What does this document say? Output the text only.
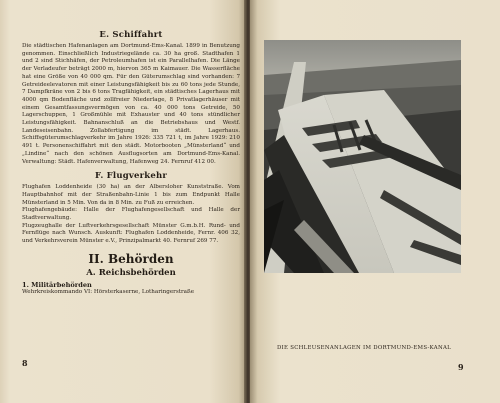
E. Schiffahrt

Die städtischen Hafenanlagen am Dortmund-Ems-Kanal. 1899 in Benutzung genommen. Einschließlich Industriegelände ca. 30 ha groß. Stadthafen 1 und 2 sind Stichhäfen, der Petroleumhafen ist ein Parallelhafen. Die Länge der Verladeufer beträgt 2000 m, hiervon 365 m Kaimauer. Die Wasserfläche hat eine Größe von 40 000 qm. Für den Güterumschlag sind vorhanden: 7 Getreideelevatoren mit einer Leistungsfähigkeit bis zu 60 tons jede Stunde, 7 Dampfkräne von 2 bis 6 tons Tragfähigkeit, ein städtisches Lagerhaus mit 4000 qm Bodenfläche und zollfreier Niederlage, 8 Privatlagerhäuser mit einem Gesamtfassungsvermögen von ca. 40 000 tons Getreide, 50 Lagerschuppen, 1 Großmühle mit Exhauster und 40 tons stündlicher Leistungsfähigkeit. Bahnanschluß an die Betriebshaus und Westf. Landeseisenbahn. Zollabfertigung im städt. Lagerhaus. Schiffsgüterumschlagverkehr im Jahre 1926: 335 721 t, im Jahre 1929: 210 491 t. Personenschiffahrt mit den städt. Motorbooten „Münsterland“ und „Lindine“ nach den schönen Ausflugsorten am Dortmund-Ems-Kanal. Verwaltung: Städt. Hafenverwaltung, Hafenweg 24. Fernruf 412 00.

F. Flugverkehr

Flughafen Loddenheide (30 ha) an der Albersloher Kunststraße. Vom Hauptbahnhof mit der Straßenbahn-Linie 1 bis zum Endpunkt Halle Münsterland in 5 Min. Von da in 8 Min. zu Fuß zu erreichen.

Flughafengebäude: Halle der Flughafengesellschaft und Halle der Stadtverwaltung.

Flugzeughalle der Luftverkehrsgesellschaft Münster G.m.b.H. Rund- und Fernflüge nach Wunsch. Auskunft: Flughafen Loddenheide, Fernr. 406 32, und Verkehrsverein Münster e.V., Prinzipalmarkt 40. Fernruf 269 77.

II. Behörden
A. Reichsbehörden
1. Militärbehörden

Wehrkreiskommando VI: Hörsterkaserne, Lotharingerstraße

8
DIE SCHLEUSENANLAGEN IM DORTMUND-EMS-KANAL
9
